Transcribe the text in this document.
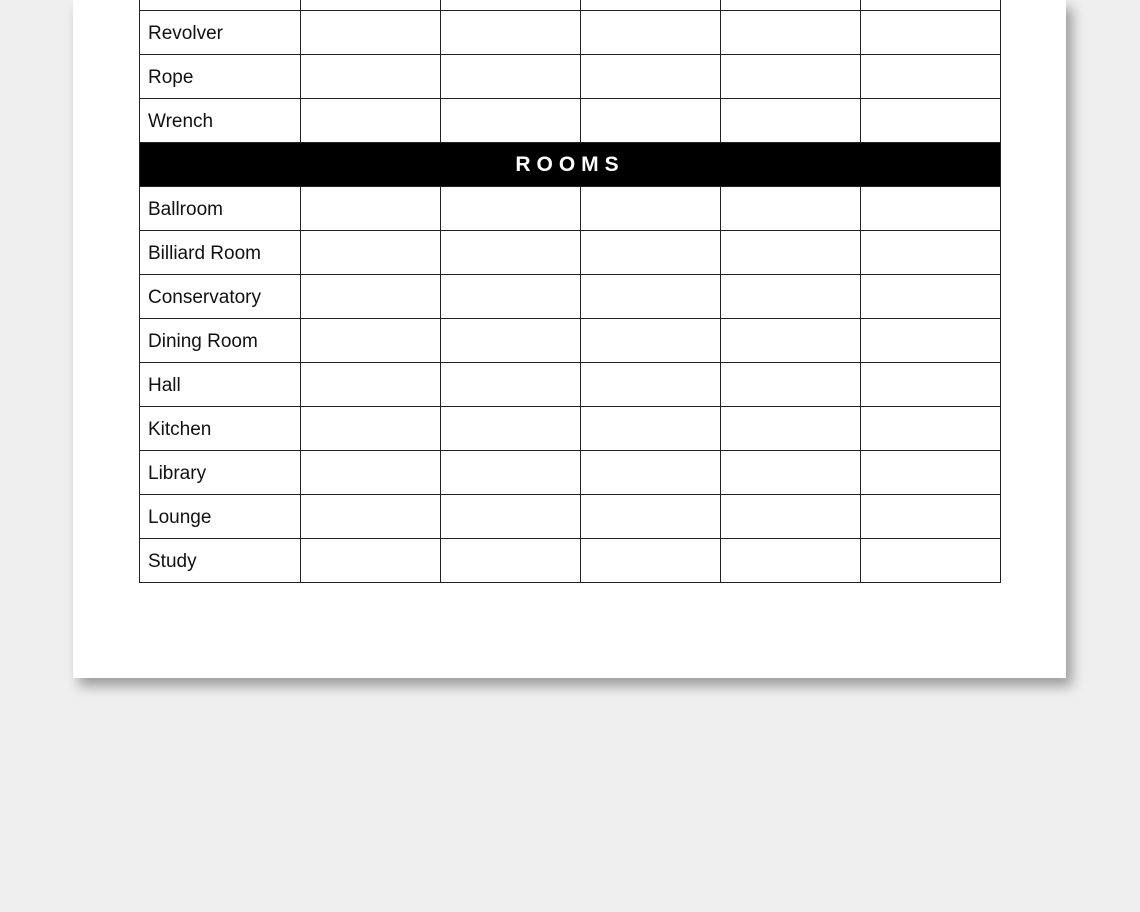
Revolver					
Rope					
Wrench					
ROOMS					
Ballroom					
Billiard Room					
Conservatory					
Dining Room					
Hall					
Kitchen					
Library					
Lounge					
Study					
